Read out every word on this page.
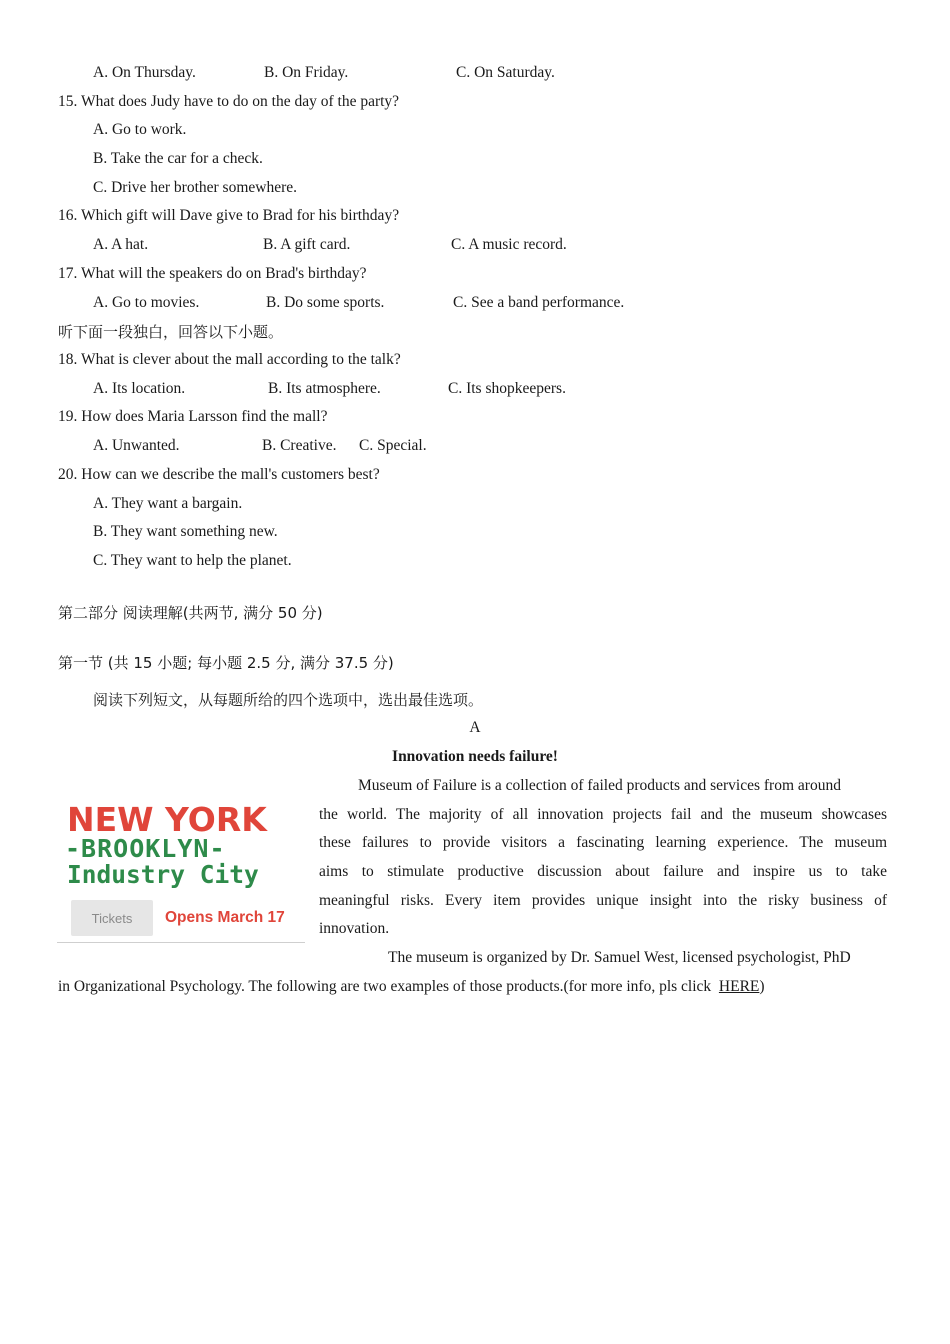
A. On Thursday.	B. On Friday.	C. On Saturday.
15. What does Judy have to do on the day of the party?
A. Go to work.
B. Take the car for a check.
C. Drive her brother somewhere.
16. Which gift will Dave give to Brad for his birthday?
A. A hat.	B. A gift card.	C. A music record.
17. What will the speakers do on Brad's birthday?
A. Go to movies.	B. Do some sports.	C. See a band performance.
听下面一段独白，回答以下小题。
18. What is clever about the mall according to the talk?
A. Its location.	B. Its atmosphere.	C. Its shopkeepers.
19. How does Maria Larsson find the mall?
A. Unwanted.	B. Creative. C. Special.
20. How can we describe the mall's customers best?
A. They want a bargain.
B. They want something new.
C. They want to help the planet.
第二部分 阅读理解(共两节, 满分 50 分)
第一节 (共 15 小题; 每小题 2.5 分, 满分 37.5 分)
阅读下列短文，从每题所给的四个选项中，选出最佳选项。
A
Innovation needs failure!
NEW YORK
-BROOKLYN-
Industry City
Tickets	Opens March 17
Museum of Failure is a collection of failed products and services from around
the world. The majority of all innovation projects fail and the museum showcases
these failures to provide visitors a fascinating learning experience. The museum
aims to stimulate productive discussion about failure and inspire us to take
meaningful risks. Every item provides unique insight into the risky business of
innovation.
The museum is organized by Dr. Samuel West, licensed psychologist, PhD
in Organizational Psychology. The following are two examples of those products.(for more info, pls click HERE)
